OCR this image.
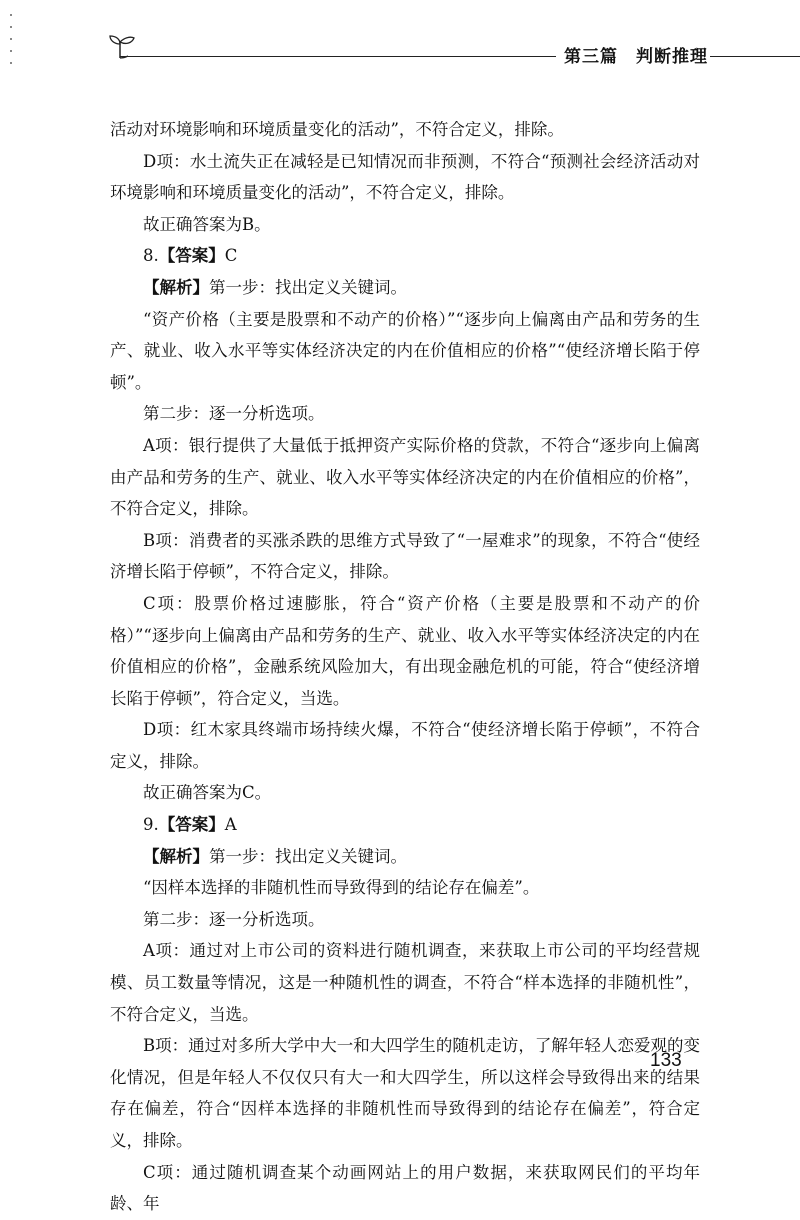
第三篇　判断推理

活动对环境影响和环境质量变化的活动”，不符合定义，排除。

D项：水土流失正在减轻是已知情况而非预测，不符合“预测社会经济活动对环境影响和环境质量变化的活动”，不符合定义，排除。

故正确答案为B。

8.【答案】C

【解析】第一步：找出定义关键词。

“资产价格（主要是股票和不动产的价格）”“逐步向上偏离由产品和劳务的生产、就业、收入水平等实体经济决定的内在价值相应的价格”“使经济增长陷于停顿”。

第二步：逐一分析选项。

A项：银行提供了大量低于抵押资产实际价格的贷款，不符合“逐步向上偏离由产品和劳务的生产、就业、收入水平等实体经济决定的内在价值相应的价格”，不符合定义，排除。

B项：消费者的买涨杀跌的思维方式导致了“一屋难求”的现象，不符合“使经济增长陷于停顿”，不符合定义，排除。

C项：股票价格过速膨胀，符合“资产价格（主要是股票和不动产的价格）”“逐步向上偏离由产品和劳务的生产、就业、收入水平等实体经济决定的内在价值相应的价格”，金融系统风险加大，有出现金融危机的可能，符合“使经济增长陷于停顿”，符合定义，当选。

D项：红木家具终端市场持续火爆，不符合“使经济增长陷于停顿”，不符合定义，排除。

故正确答案为C。

9.【答案】A

【解析】第一步：找出定义关键词。

“因样本选择的非随机性而导致得到的结论存在偏差”。

第二步：逐一分析选项。

A项：通过对上市公司的资料进行随机调查，来获取上市公司的平均经营规模、员工数量等情况，这是一种随机性的调查，不符合“样本选择的非随机性”，不符合定义，当选。

B项：通过对多所大学中大一和大四学生的随机走访，了解年轻人恋爱观的变化情况，但是年轻人不仅仅只有大一和大四学生，所以这样会导致得出来的结果存在偏差，符合“因样本选择的非随机性而导致得到的结论存在偏差”，符合定义，排除。

C项：通过随机调查某个动画网站上的用户数据，来获取网民们的平均年龄、年

133
